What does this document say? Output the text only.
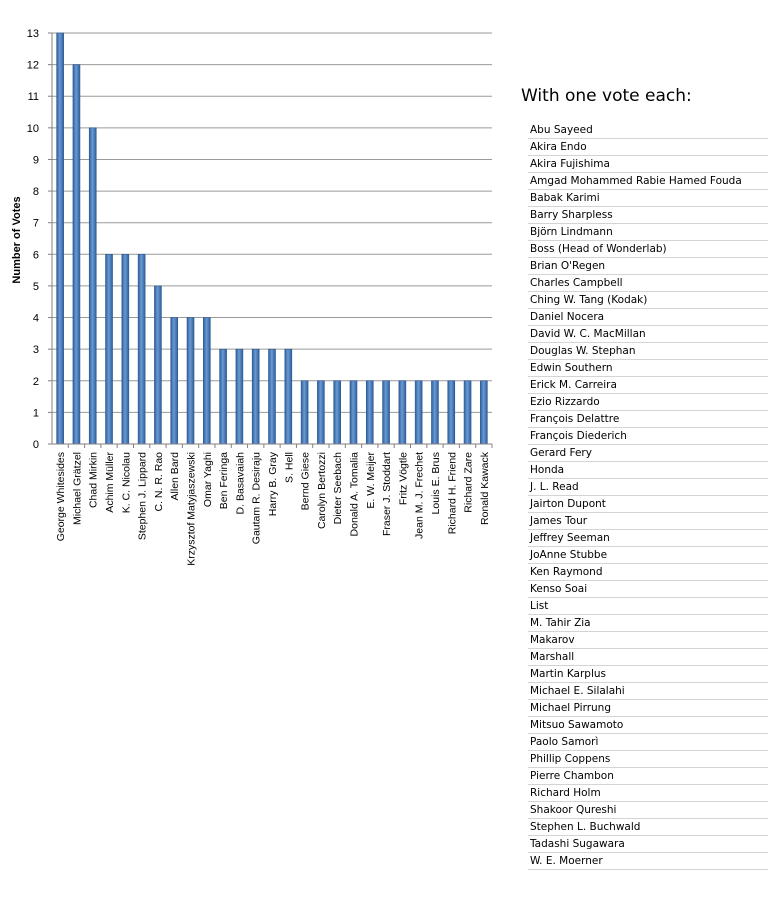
0
1
2
3
4
5
6
7
8
9
10
11
12
13
George Whitesides Michael Grätzel Chad Mirkin Achim Müller K. C. Nicolau Stephen J. Lippard C. N. R. Rao Allen Bard Krzysztof Matyjaszewski Omar Yaghi Ben Feringa D. Basavaiah Gautam R. Desiraju Harry B. Gray S. Hell Bernd Giese Carolyn Bertozzi Dieter Seebach Donald A. Tomalia E. W. Meijer Fraser J. Stoddart Fritz Vögtle Jean M. J. Frechet Louis E. Brus Richard H. Friend Richard Zare Ronald Kawack
Number of Votes
With one vote each:
Abu Sayeed
Akira Endo
Akira Fujishima
Amgad Mohammed Rabie Hamed Fouda
Babak Karimi
Barry Sharpless
Björn Lindmann
Boss (Head of Wonderlab)
Brian O'Regen
Charles Campbell
Ching W. Tang (Kodak)
Daniel Nocera
David W. C. MacMillan
Douglas W. Stephan
Edwin Southern
Erick M. Carreira
Ezio Rizzardo
François Delattre
François Diederich
Gerard Fery
Honda
J. L. Read
Jairton Dupont
James Tour
Jeffrey Seeman
JoAnne Stubbe
Ken Raymond
Kenso Soai
List
M. Tahir Zia
Makarov
Marshall
Martin Karplus
Michael E. Silalahi
Michael Pirrung
Mitsuo Sawamoto
Paolo Samorì
Phillip Coppens
Pierre Chambon
Richard Holm
Shakoor Qureshi
Stephen L. Buchwald
Tadashi Sugawara
W. E. Moerner
